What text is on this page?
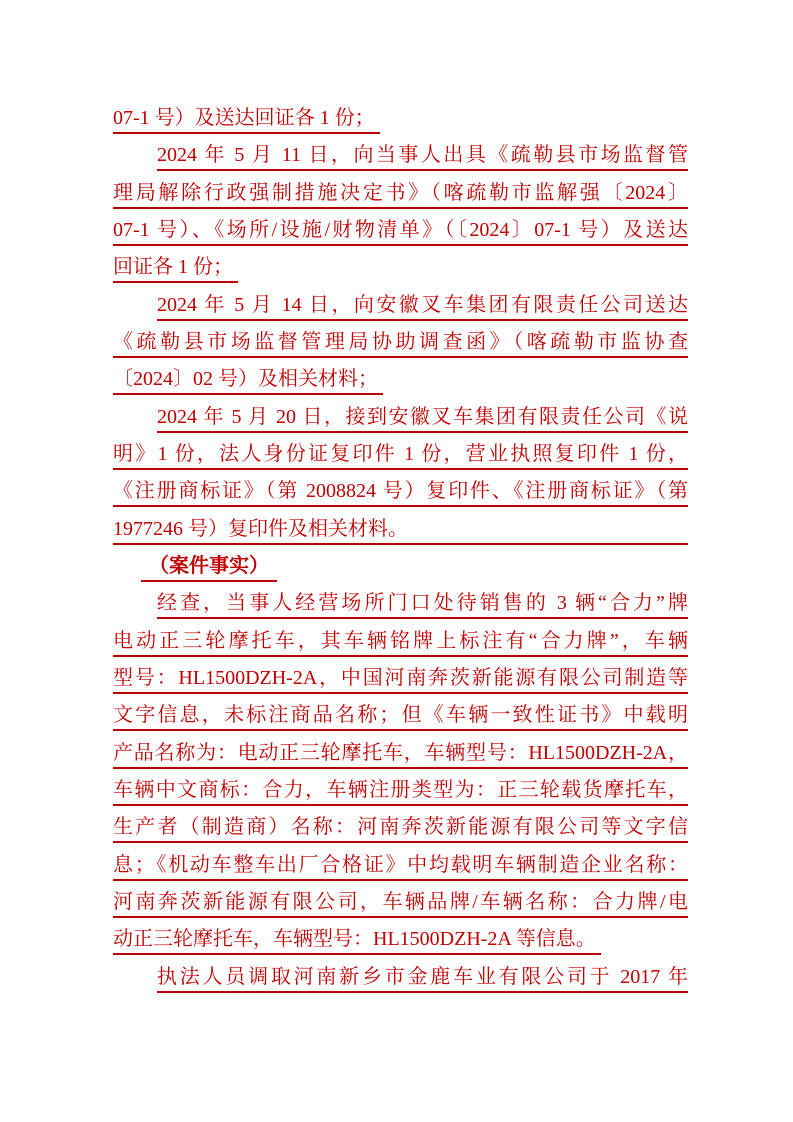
07-1 号）及送达回证各 1 份；
2024 年 5 月 11 日，向当事人出具《疏勒县市场监督管
理局解除行政强制措施决定书》（喀疏勒市监解强〔2024〕
07-1 号）、《场所/设施/财物清单》（〔2024〕07-1 号）及送达
回证各 1 份；
2024 年 5 月 14 日，向安徽叉车集团有限责任公司送达
《疏勒县市场监督管理局协助调查函》（喀疏勒市监协查
〔2024〕02 号）及相关材料；
2024 年 5 月 20 日，接到安徽叉车集团有限责任公司《说
明》1 份，法人身份证复印件 1 份，营业执照复印件 1 份，
《注册商标证》（第 2008824 号）复印件、《注册商标证》（第
1977246 号）复印件及相关材料。
（案件事实）
经查，当事人经营场所门口处待销售的 3 辆“合力”牌
电动正三轮摩托车，其车辆铭牌上标注有“合力牌”，车辆
型号：HL1500DZH-2A，中国河南奔茨新能源有限公司制造等
文字信息，未标注商品名称；但《车辆一致性证书》中载明
产品名称为：电动正三轮摩托车，车辆型号：HL1500DZH-2A，
车辆中文商标：合力，车辆注册类型为：正三轮载货摩托车，
生产者（制造商）名称：河南奔茨新能源有限公司等文字信
息；《机动车整车出厂合格证》中均载明车辆制造企业名称：
河南奔茨新能源有限公司，车辆品牌/车辆名称：合力牌/电
动正三轮摩托车，车辆型号：HL1500DZH-2A 等信息。
执法人员调取河南新乡市金鹿车业有限公司于 2017 年
